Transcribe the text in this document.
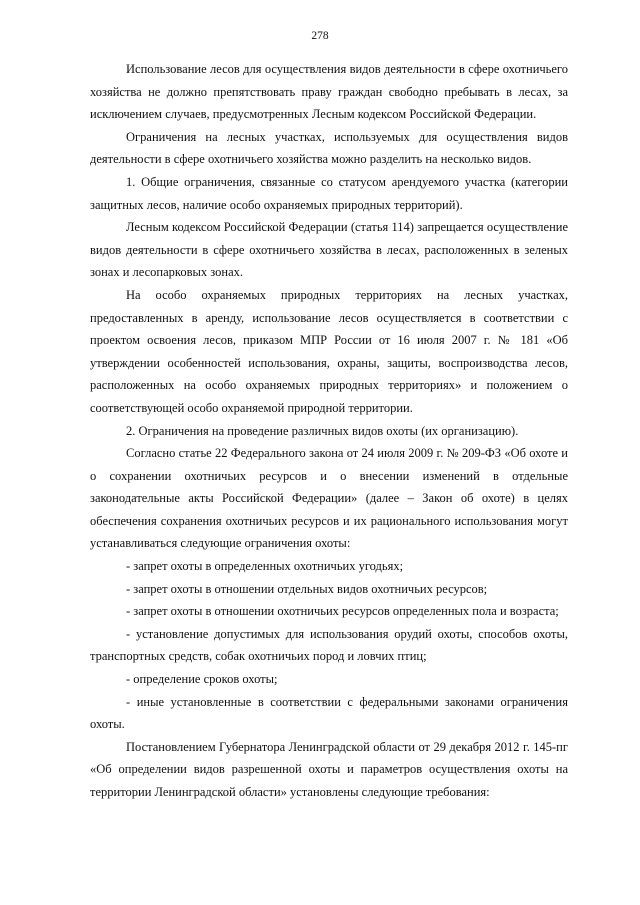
278

Использование лесов для осуществления видов деятельности в сфере охотничьего хозяйства не должно препятствовать праву граждан свободно пребывать в лесах, за исключением случаев, предусмотренных Лесным кодексом Российской Федерации.

Ограничения на лесных участках, используемых для осуществления видов деятельности в сфере охотничьего хозяйства можно разделить на несколько видов.

1. Общие ограничения, связанные со статусом арендуемого участка (категории защитных лесов, наличие особо охраняемых природных территорий).

Лесным кодексом Российской Федерации (статья 114) запрещается осуществление видов деятельности в сфере охотничьего хозяйства в лесах, расположенных в зеленых зонах и лесопарковых зонах.

На особо охраняемых природных территориях на лесных участках, предоставленных в аренду, использование лесов осуществляется в соответствии с проектом освоения лесов, приказом МПР России от 16 июля 2007 г. № 181 «Об утверждении особенностей использования, охраны, защиты, воспроизводства лесов, расположенных на особо охраняемых природных территориях» и положением о соответствующей особо охраняемой природной территории.

2. Ограничения на проведение различных видов охоты (их организацию).

Согласно статье 22 Федерального закона от 24 июля 2009 г. № 209-ФЗ «Об охоте и о сохранении охотничьих ресурсов и о внесении изменений в отдельные законодательные акты Российской Федерации» (далее – Закон об охоте) в целях обеспечения сохранения охотничьих ресурсов и их рационального использования могут устанавливаться следующие ограничения охоты:

- запрет охоты в определенных охотничьих угодьях;

- запрет охоты в отношении отдельных видов охотничьих ресурсов;

- запрет охоты в отношении охотничьих ресурсов определенных пола и возраста;

- установление допустимых для использования орудий охоты, способов охоты, транспортных средств, собак охотничьих пород и ловчих птиц;

- определение сроков охоты;

- иные установленные в соответствии с федеральными законами ограничения охоты.

Постановлением Губернатора Ленинградской области от 29 декабря 2012 г. 145-пг «Об определении видов разрешенной охоты и параметров осуществления охоты на территории Ленинградской области» установлены следующие требования:
